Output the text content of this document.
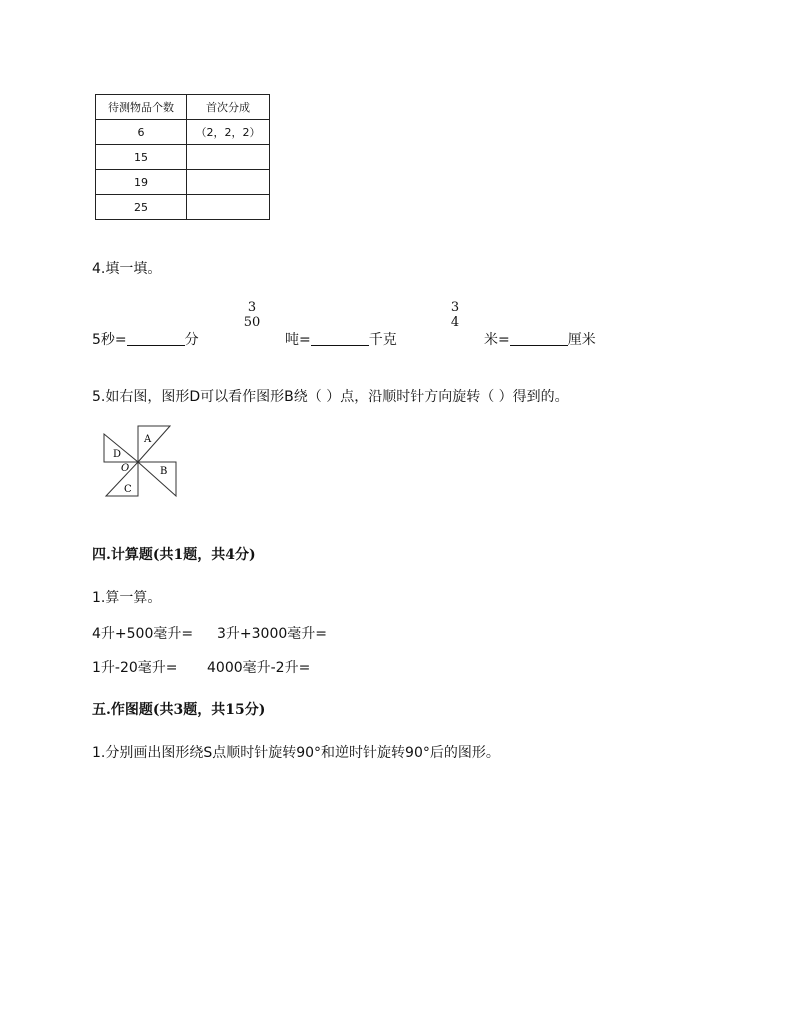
待测物品个数	首次分成
6	（2，2，2）
15	
19	
25	
4.填一填。
5秒=	分
3
50
吨=	千克
3
4
米=	厘米
5.如右图，图形D可以看作图形B绕（ ）点，沿顺时针方向旋转（ ）得到的。
A
B
C
D
O
四.计算题(共1题，共4分)
1.算一算。
4升+500毫升= 3升+3000毫升=
1升-20毫升= 4000毫升-2升=
五.作图题(共3题，共15分)
1.分别画出图形绕S点顺时针旋转90°和逆时针旋转90°后的图形。
